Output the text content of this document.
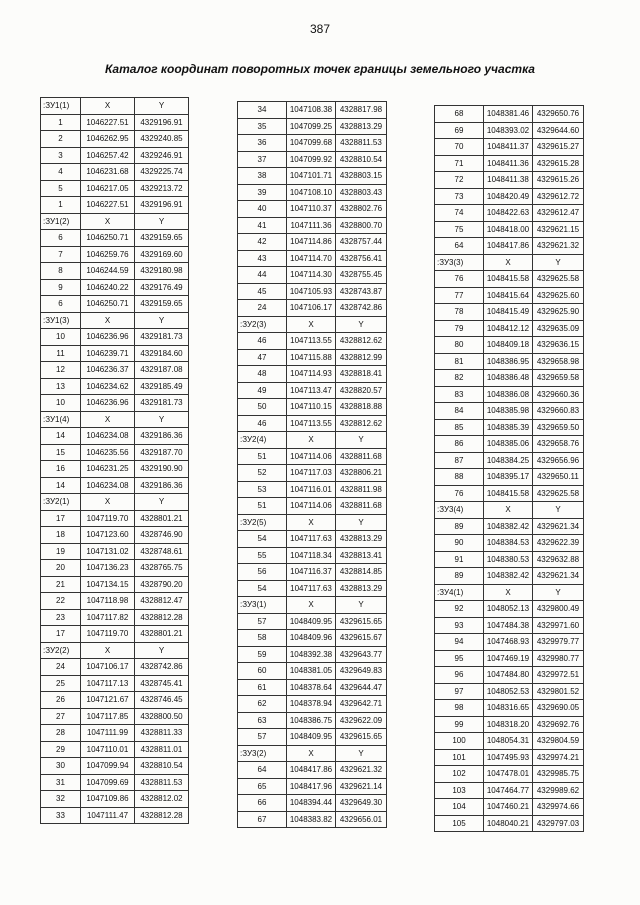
387
Каталог координат поворотных точек границы земельного участка
:ЗУ1(1)	X	Y
1	1046227.51	4329196.91
2	1046262.95	4329240.85
3	1046257.42	4329246.91
4	1046231.68	4329225.74
5	1046217.05	4329213.72
1	1046227.51	4329196.91
:ЗУ1(2)	X	Y
6	1046250.71	4329159.65
7	1046259.76	4329169.60
8	1046244.59	4329180.98
9	1046240.22	4329176.49
6	1046250.71	4329159.65
:ЗУ1(3)	X	Y
10	1046236.96	4329181.73
11	1046239.71	4329184.60
12	1046236.37	4329187.08
13	1046234.62	4329185.49
10	1046236.96	4329181.73
:ЗУ1(4)	X	Y
14	1046234.08	4329186.36
15	1046235.56	4329187.70
16	1046231.25	4329190.90
14	1046234.08	4329186.36
:ЗУ2(1)	X	Y
17	1047119.70	4328801.21
18	1047123.60	4328746.90
19	1047131.02	4328748.61
20	1047136.23	4328765.75
21	1047134.15	4328790.20
22	1047118.98	4328812.47
23	1047117.82	4328812.28
17	1047119.70	4328801.21
:ЗУ2(2)	X	Y
24	1047106.17	4328742.86
25	1047117.13	4328745.41
26	1047121.67	4328746.45
27	1047117.85	4328800.50
28	1047111.99	4328811.33
29	1047110.01	4328811.01
30	1047099.94	4328810.54
31	1047099.69	4328811.53
32	1047109.86	4328812.02
33	1047111.47	4328812.28
34	1047108.38	4328817.98
35	1047099.25	4328813.29
36	1047099.68	4328811.53
37	1047099.92	4328810.54
38	1047101.71	4328803.15
39	1047108.10	4328803.43
40	1047110.37	4328802.76
41	1047111.36	4328800.70
42	1047114.86	4328757.44
43	1047114.70	4328756.41
44	1047114.30	4328755.45
45	1047105.93	4328743.87
24	1047106.17	4328742.86
:ЗУ2(3)	X	Y
46	1047113.55	4328812.62
47	1047115.88	4328812.99
48	1047114.93	4328818.41
49	1047113.47	4328820.57
50	1047110.15	4328818.88
46	1047113.55	4328812.62
:ЗУ2(4)	X	Y
51	1047114.06	4328811.68
52	1047117.03	4328806.21
53	1047116.01	4328811.98
51	1047114.06	4328811.68
:ЗУ2(5)	X	Y
54	1047117.63	4328813.29
55	1047118.34	4328813.41
56	1047116.37	4328814.85
54	1047117.63	4328813.29
:ЗУ3(1)	X	Y
57	1048409.95	4329615.65
58	1048409.96	4329615.67
59	1048392.38	4329643.77
60	1048381.05	4329649.83
61	1048378.64	4329644.47
62	1048378.94	4329642.71
63	1048386.75	4329622.09
57	1048409.95	4329615.65
:ЗУ3(2)	X	Y
64	1048417.86	4329621.32
65	1048417.96	4329621.14
66	1048394.44	4329649.30
67	1048383.82	4329656.01
68	1048381.46	4329650.76
69	1048393.02	4329644.60
70	1048411.37	4329615.27
71	1048411.36	4329615.28
72	1048411.38	4329615.26
73	1048420.49	4329612.72
74	1048422.63	4329612.47
75	1048418.00	4329621.15
64	1048417.86	4329621.32
:ЗУ3(3)	X	Y
76	1048415.58	4329625.58
77	1048415.64	4329625.60
78	1048415.49	4329625.90
79	1048412.12	4329635.09
80	1048409.18	4329636.15
81	1048386.95	4329658.98
82	1048386.48	4329659.58
83	1048386.08	4329660.36
84	1048385.98	4329660.83
85	1048385.39	4329659.50
86	1048385.06	4329658.76
87	1048384.25	4329656.96
88	1048395.17	4329650.11
76	1048415.58	4329625.58
:ЗУ3(4)	X	Y
89	1048382.42	4329621.34
90	1048384.53	4329622.39
91	1048380.53	4329632.88
89	1048382.42	4329621.34
:ЗУ4(1)	X	Y
92	1048052.13	4329800.49
93	1047484.38	4329971.60
94	1047468.93	4329979.77
95	1047469.19	4329980.77
96	1047484.80	4329972.51
97	1048052.53	4329801.52
98	1048316.65	4329690.05
99	1048318.20	4329692.76
100	1048054.31	4329804.59
101	1047495.93	4329974.21
102	1047478.01	4329985.75
103	1047464.77	4329989.62
104	1047460.21	4329974.66
105	1048040.21	4329797.03
